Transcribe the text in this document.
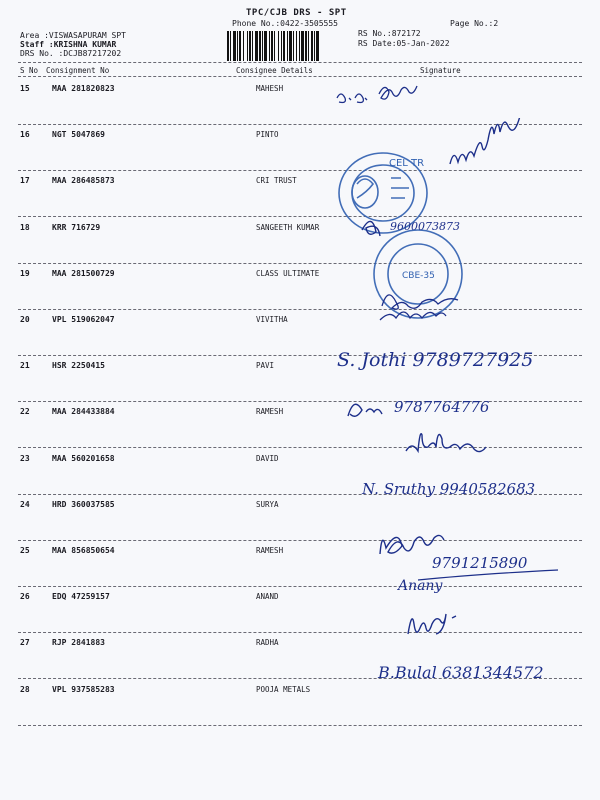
TPC/CJB DRS - SPT
Phone No.:0422-3505555	Page No.:2
Area :VISWASAPURAM SPT
Staff :KRISHNA KUMAR
DRS No. :DCJB87217202
RS No.:872172
RS Date:05-Jan-2022
S No Consignment No	Consignee Details	Signature
15	MAA 281820823	MAHESH
16	NGT 5047869	PINTO
17	MAA 286485873	CRI TRUST
18	KRR 716729	SANGEETH KUMAR
19	MAA 281500729	CLASS ULTIMATE
20	VPL 519062047	VIVITHA
21	HSR 2250415	PAVI
22	MAA 284433884	RAMESH
23	MAA 560201658	DAVID
24	HRD 360037585	SURYA
25	MAA 856850654	RAMESH
26	EDQ 47259157	ANAND
27	RJP 2841883	RADHA
28	VPL 937585283	POOJA METALS
CEL TR
CBE-35
9600073873
S. Jothi 9789727925
9787764776
N. Sruthy 9940582683
9791215890
Anany
B.Bulal 6381344572
